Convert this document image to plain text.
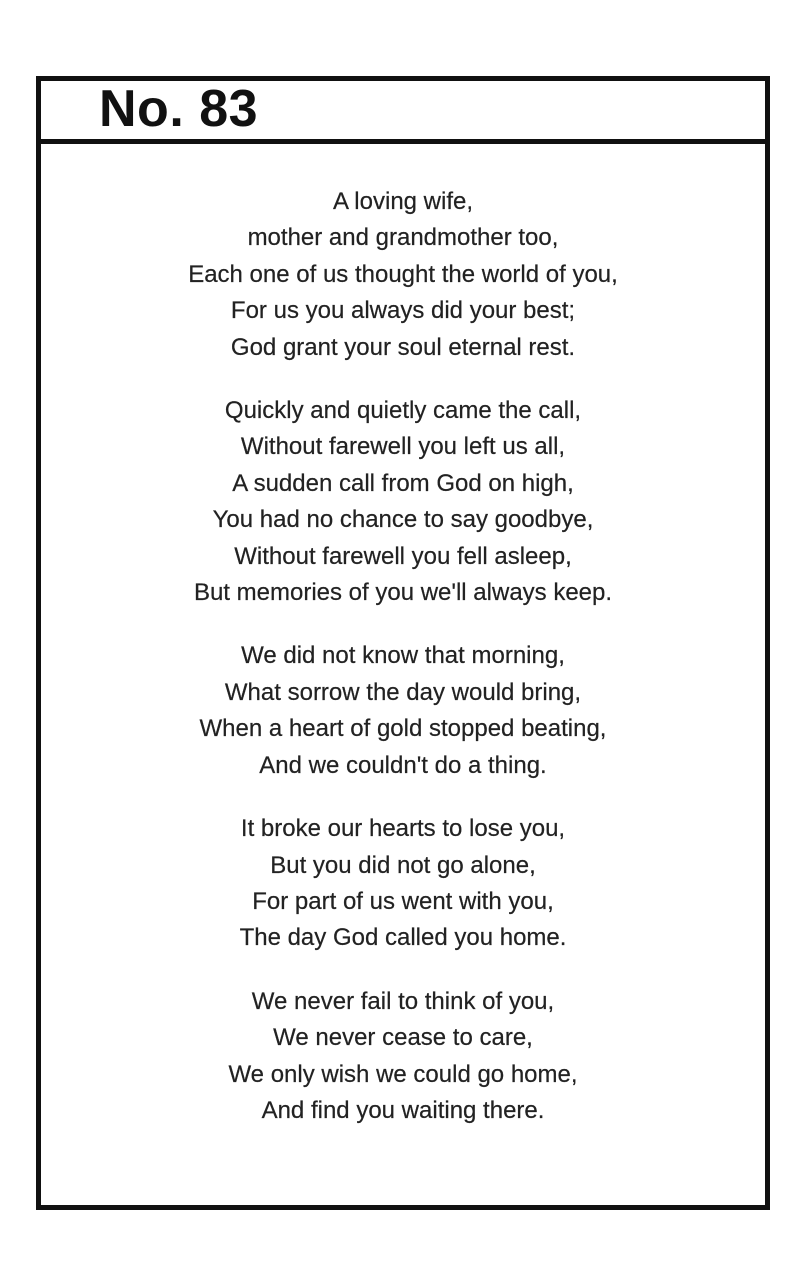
No. 83
A loving wife,
mother and grandmother too,
Each one of us thought the world of you,
For us you always did your best;
God grant your soul eternal rest.
Quickly and quietly came the call,
Without farewell you left us all,
A sudden call from God on high,
You had no chance to say goodbye,
Without farewell you fell asleep,
But memories of you we'll always keep.
We did not know that morning,
What sorrow the day would bring,
When a heart of gold stopped beating,
And we couldn't do a thing.
It broke our hearts to lose you,
But you did not go alone,
For part of us went with you,
The day God called you home.
We never fail to think of you,
We never cease to care,
We only wish we could go home,
And find you waiting there.
